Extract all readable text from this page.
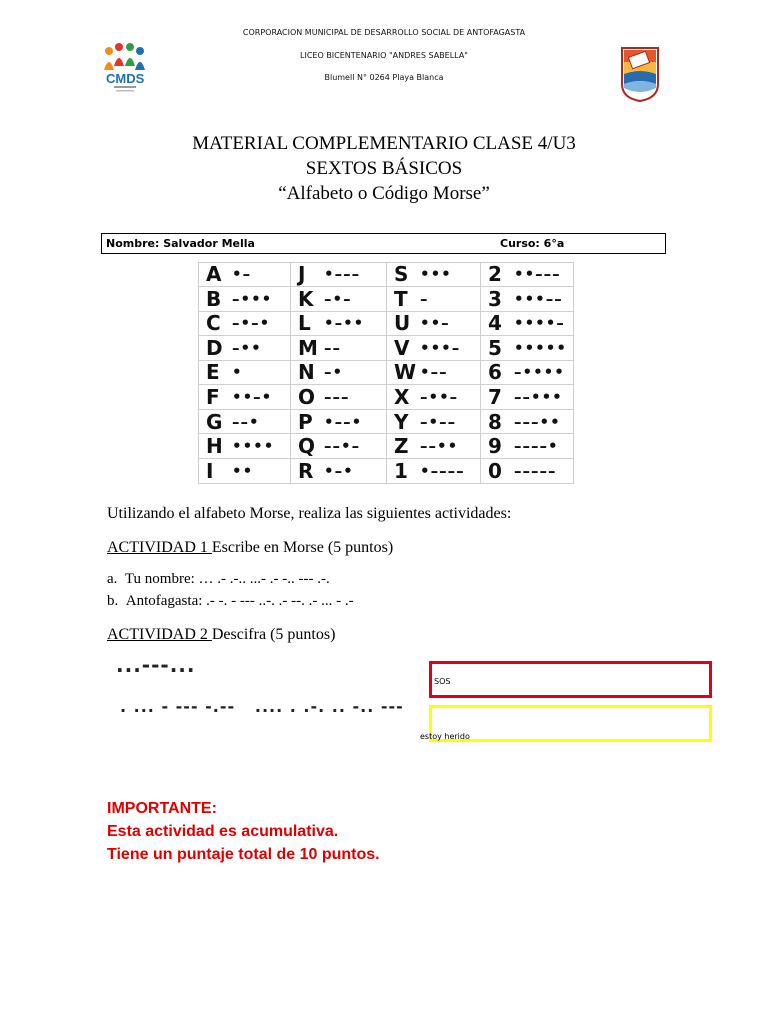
CORPORACION MUNICIPAL DE DESARROLLO SOCIAL DE ANTOFAGASTA
LICEO BICENTENARIO "ANDRES SABELLA"
Blumell N° 0264 Playa Blanca
CMDS
MATERIAL COMPLEMENTARIO CLASE 4/U3
SEXTOS BÁSICOS
“Alfabeto o Código Morse”
Nombre: Salvador Mella	Curso: 6°a
A •– J •––– S ••• 2 ••–––
B –••• K –•– T –	3 •••––
C –•–• L •–•• U ••– 4 ••••–
D –•• M ––	V •••– 5 •••••
E •	N –•	W •–– 6 –••••
F ••–• O ––– X –••– 7 ––•••
G ––• P •––• Y –•–– 8 –––••
H •••• Q ––•– Z ––•• 9 ––––•
I •• R •–• 1 •–––– 0 –––––
Utilizando el alfabeto Morse, realiza las siguientes actividades:
ACTIVIDAD 1 Escribe en Morse (5 puntos)
a. Tu nombre: … .- .-.. ...- .- -.. --- .-.
b. Antofagasta: .- -. - --- ..-. .- --. .- ... - .-
ACTIVIDAD 2 Descifra (5 puntos)
...---...
. ... - --- -.--   .... . .-. .. -.. ---
SOS
estoy herido
IMPORTANTE:
Esta actividad es acumulativa.
Tiene un puntaje total de 10 puntos.
